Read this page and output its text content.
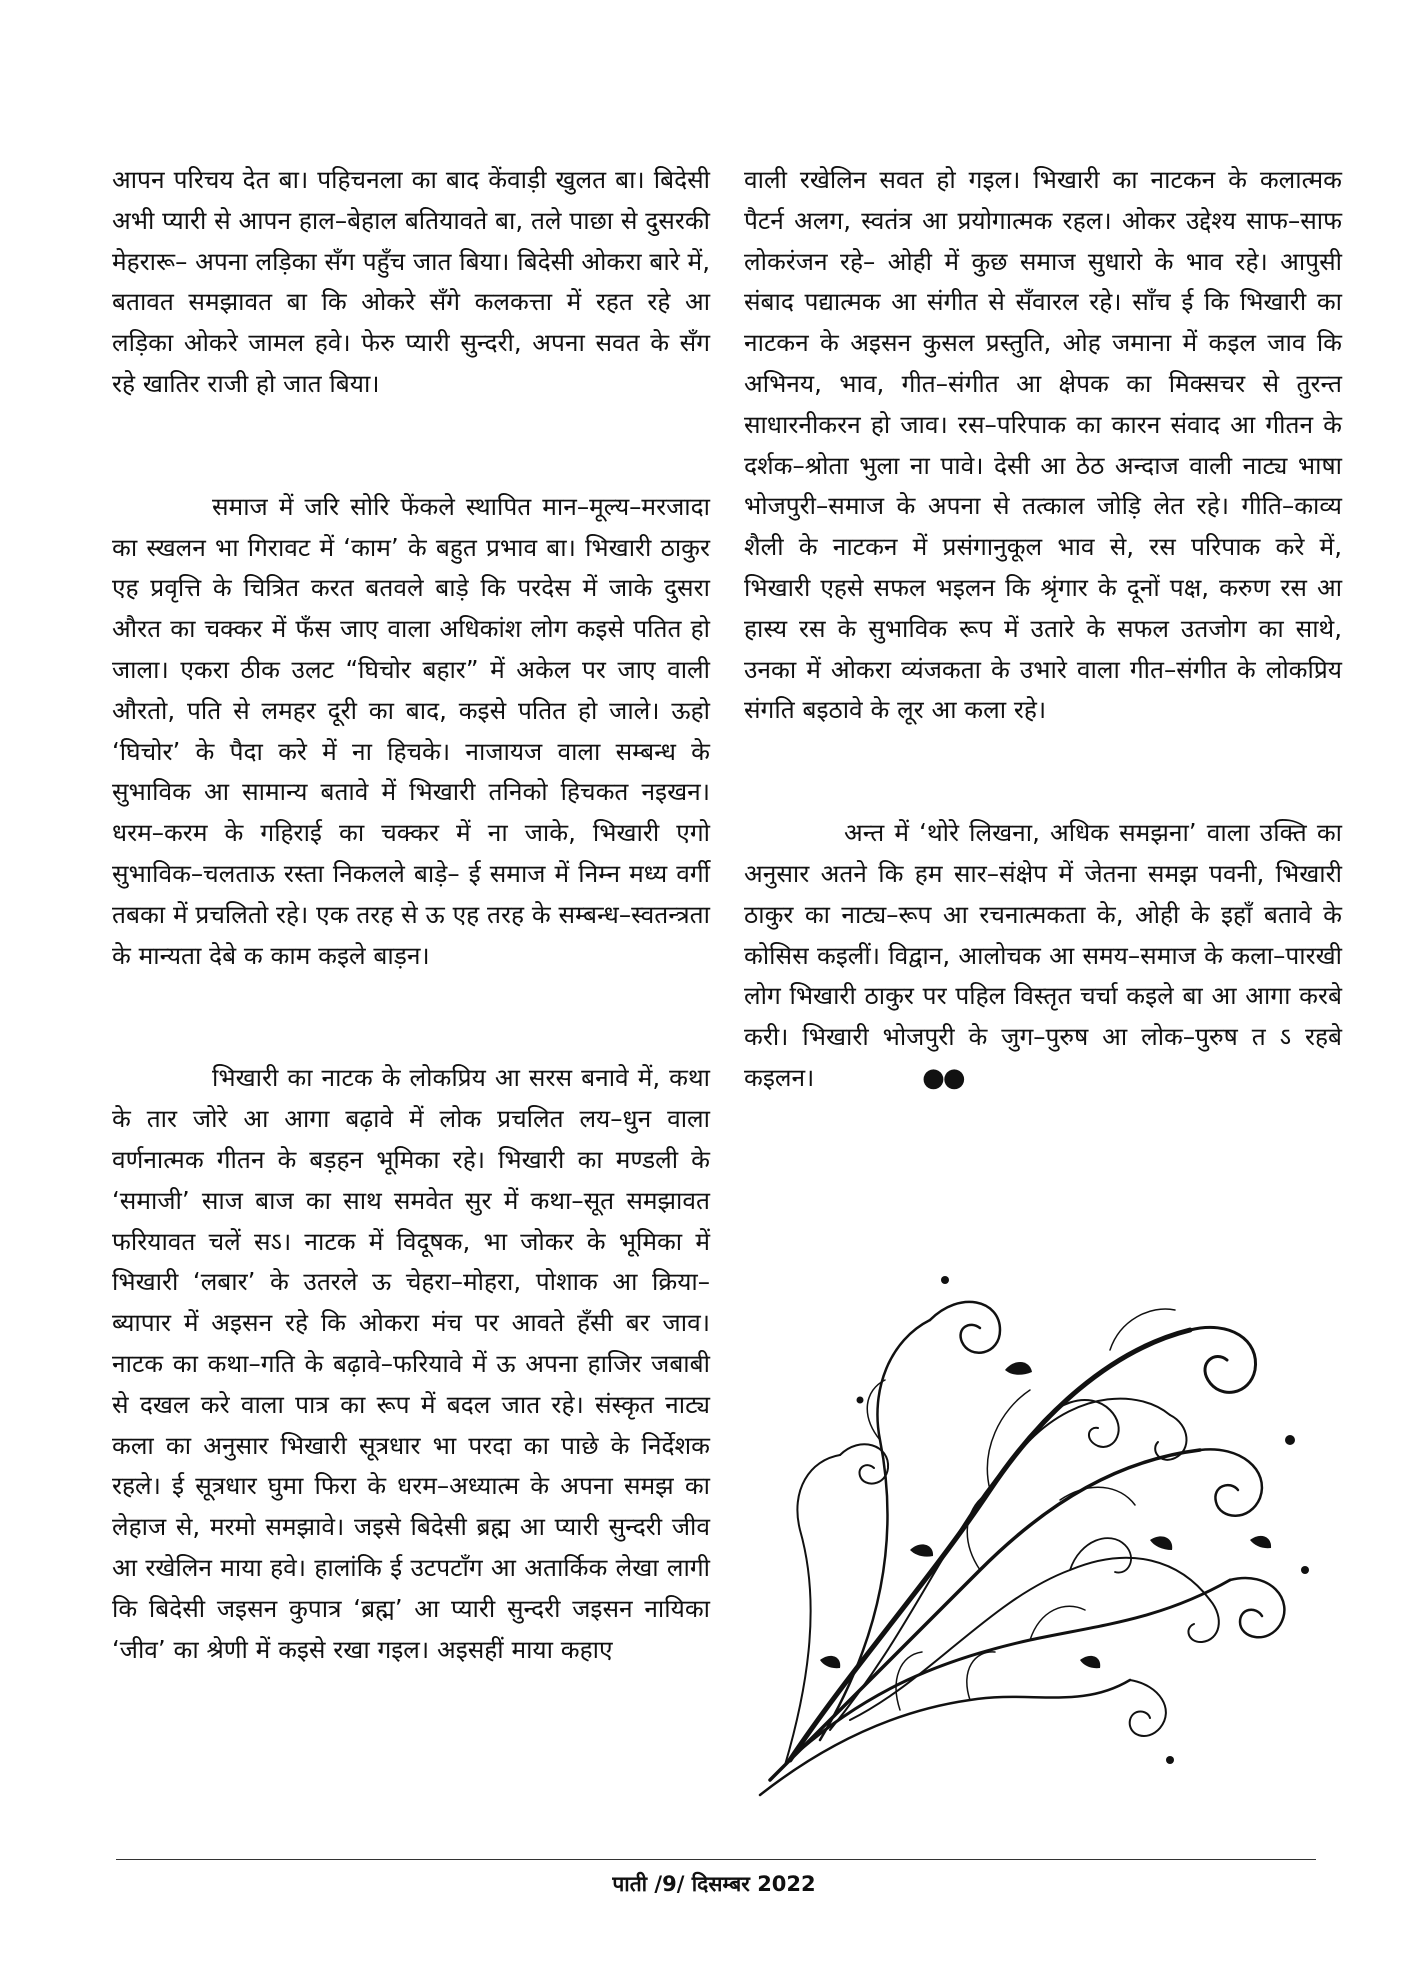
आपन परिचय देत बा। पहिचनला का बाद केंवाड़ी खुलत बा। बिदेसी अभी प्यारी से आपन हाल–बेहाल बतियावते बा, तले पाछा से दुसरकी मेहरारू– अपना लड़िका सँग पहुँच जात बिया। बिदेसी ओकरा बारे में, बतावत समझावत बा कि ओकरे सँगे कलकत्ता में रहत रहे आ लड़िका ओकरे जामल हवे। फेरु प्यारी सुन्दरी, अपना सवत के सँग रहे खातिर राजी हो जात बिया।

समाज में जरि सोरि फेंकले स्थापित मान–मूल्य–मरजादा का स्खलन भा गिरावट में ‘काम’ के बहुत प्रभाव बा। भिखारी ठाकुर एह प्रवृत्ति के चित्रित करत बतवले बाड़े कि परदेस में जाके दुसरा औरत का चक्कर में फँस जाए वाला अधिकांश लोग कइसे पतित हो जाला। एकरा ठीक उलट “घिचोर बहार” में अकेल पर जाए वाली औरतो, पति से लमहर दूरी का बाद, कइसे पतित हो जाले। ऊहो ‘घिचोर’ के पैदा करे में ना हिचके। नाजायज वाला सम्बन्ध के सुभाविक आ सामान्य बतावे में भिखारी तनिको हिचकत नइखन। धरम–करम के गहिराई का चक्कर में ना जाके, भिखारी एगो सुभाविक–चलताऊ रस्ता निकलले बाड़े– ई समाज में निम्न मध्य वर्गी तबका में प्रचलितो रहे। एक तरह से ऊ एह तरह के सम्बन्ध–स्वतन्त्रता के मान्यता देबे क काम कइले बाड़न।

भिखारी का नाटक के लोकप्रिय आ सरस बनावे में, कथा के तार जोरे आ आगा बढ़ावे में लोक प्रचलित लय–धुन वाला वर्णनात्मक गीतन के बड़हन भूमिका रहे। भिखारी का मण्डली के ‘समाजी’ साज बाज का साथ समवेत सुर में कथा–सूत समझावत फरियावत चलें सऽ। नाटक में विदूषक, भा जोकर के भूमिका में भिखारी ‘लबार’ के उतरले ऊ चेहरा–मोहरा, पोशाक आ क्रिया–ब्यापार में अइसन रहे कि ओकरा मंच पर आवते हँसी बर जाव। नाटक का कथा–गति के बढ़ावे–फरियावे में ऊ अपना हाजिर जबाबी से दखल करे वाला पात्र का रूप में बदल जात रहे। संस्कृत नाट्य कला का अनुसार भिखारी सूत्रधार भा परदा का पाछे के निर्देशक रहले। ई सूत्रधार घुमा फिरा के धरम–अध्यात्म के अपना समझ का लेहाज से, मरमो समझावे। जइसे बिदेसी ब्रह्म आ प्यारी सुन्दरी जीव आ रखेलिन माया हवे। हालांकि ई उटपटाँग आ अतार्किक लेखा लागी कि बिदेसी जइसन कुपात्र ‘ब्रह्म’ आ प्यारी सुन्दरी जइसन नायिका ‘जीव’ का श्रेणी में कइसे रखा गइल। अइसहीं माया कहाए

वाली रखेलिन सवत हो गइल। भिखारी का नाटकन के कलात्मक पैटर्न अलग, स्वतंत्र आ प्रयोगात्मक रहल। ओकर उद्देश्य साफ–साफ लोकरंजन रहे– ओही में कुछ समाज सुधारो के भाव रहे। आपुसी संबाद पद्यात्मक आ संगीत से सँवारल रहे। साँच ई कि भिखारी का नाटकन के अइसन कुसल प्रस्तुति, ओह जमाना में कइल जाव कि अभिनय, भाव, गीत–संगीत आ क्षेपक का मिक्सचर से तुरन्त साधारनीकरन हो जाव। रस–परिपाक का कारन संवाद आ गीतन के दर्शक–श्रोता भुला ना पावे। देसी आ ठेठ अन्दाज वाली नाट्य भाषा भोजपुरी–समाज के अपना से तत्काल जोड़ि लेत रहे। गीति–काव्य शैली के नाटकन में प्रसंगानुकूल भाव से, रस परिपाक करे में, भिखारी एहसे सफल भइलन कि श्रृंगार के दूनों पक्ष, करुण रस आ हास्य रस के सुभाविक रूप में उतारे के सफल उतजोग का साथे, उनका में ओकरा व्यंजकता के उभारे वाला गीत–संगीत के लोकप्रिय संगति बइठावे के लूर आ कला रहे।

अन्त में ‘थोरे लिखना, अधिक समझना’ वाला उक्ति का अनुसार अतने कि हम सार–संक्षेप में जेतना समझ पवनी, भिखारी ठाकुर का नाट्य–रूप आ रचनात्मकता के, ओही के इहाँ बतावे के कोसिस कइलीं। विद्वान, आलोचक आ समय–समाज के कला–पारखी लोग भिखारी ठाकुर पर पहिल विस्तृत चर्चा कइले बा आ आगा करबे करी। भिखारी भोजपुरी के जुग–पुरुष आ लोक–पुरुष त ऽ रहबे कइलन।	●●

पाती /9/ दिसम्बर 2022
